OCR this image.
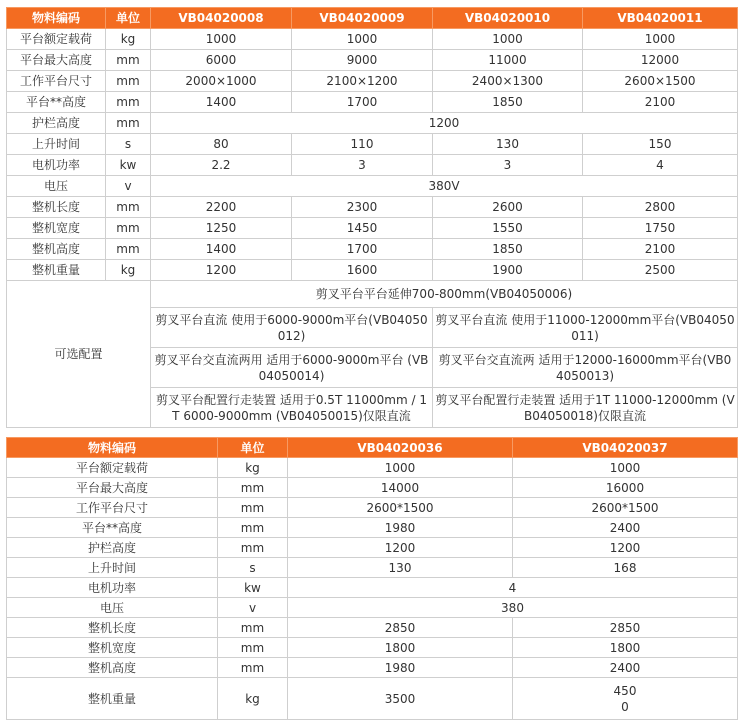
物料编码	单位	VB04020008	VB04020009	VB04020010	VB04020011
平台额定载荷	kg	1000	1000	1000	1000
平台最大高度	mm	6000	9000	11000	12000
工作平台尺寸	mm	2000×1000	2100×1200	2400×1300	2600×1500
平台**高度	mm	1400	1700	1850	2100
护栏高度	mm	1200			
上升时间	s	80	110	130	150
电机功率	kw	2.2	3	3	4
电压	v	380V			
整机长度	mm	2200	2300	2600	2800
整机宽度	mm	1250	1450	1550	1750
整机高度	mm	1400	1700	1850	2100
整机重量	kg	1200	1600	1900	2500
可选配置		剪叉平台平台延伸700-800mm(VB04050006)			
		剪叉平台直流 使用于6000-9000m平台(VB04050012)		剪叉平台直流 使用于11000-12000mm平台(VB04050011)	
		剪叉平台交直流两用 适用于6000-9000m平台 (VB04050014)		剪叉平台交直流两 适用于12000-16000mm平台(VB04050013)	
		剪叉平台配置行走装置 适用于0.5T 11000mm / 1T 6000-9000mm (VB04050015)仅限直流		剪叉平台配置行走装置 适用于1T 11000-12000mm (VB04050018)仅限直流	
物料编码	单位	VB04020036	VB04020037
平台额定载荷	kg	1000	1000
平台最大高度	mm	14000	16000
工作平台尺寸	mm	2600*1500	2600*1500
平台**高度	mm	1980	2400
护栏高度	mm	1200	1200
上升时间	s	130	168
电机功率	kw	4	
电压	v	380	
整机长度	mm	2850	2850
整机宽度	mm	1800	1800
整机高度	mm	1980	2400
整机重量	kg	3500	450
0
